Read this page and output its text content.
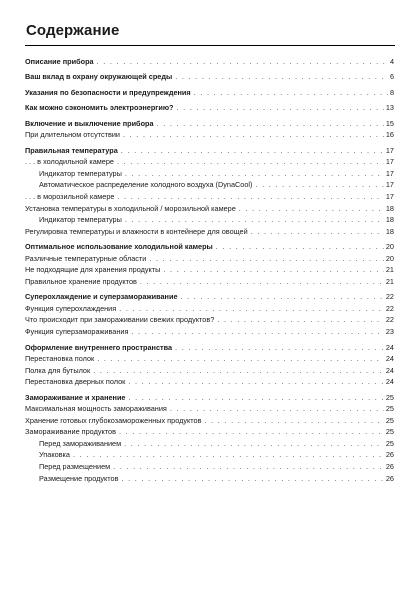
Содержание
Описание прибора . . .	4
Ваш вклад в охрану окружающей среды . . .	6
Указания по безопасности и предупреждения . . .	8
Как можно сэкономить электроэнергию? . . .	13
Включение и выключение прибора . . .	15
При длительном отсутствии . . .	16
Правильная температура . . .	17
. . . в холодильной камере . . .	17
Индикатор температуры . . .	17
Автоматическое распределение холодного воздуха (DynaCool) . . .	17
. . . в морозильной камере . . .	17
Установка температуры в холодильной / морозильной камере . . .	18
Индикатор температуры . . .	18
Регулировка температуры и влажности в контейнере для овощей . . .	18
Оптимальное использование холодильной камеры . . .	20
Различные температурные области . . .	20
Не подходящие для хранения продукты . . .	21
Правильное хранение продуктов . . .	21
Суперохлаждение и суперзамораживание . . .	22
Функция суперохлаждения . . .	22
Что происходит при замораживании свежих продуктов? . . .	22
Функция суперзамораживания . . .	23
Оформление внутреннего пространства . . .	24
Перестановка полок . . .	24
Полка для бутылок . . .	24
Перестановка дверных полок . . .	24
Замораживание и хранение . . .	25
Максимальная мощность замораживания . . .	25
Хранение готовых глубокозамороженных продуктов . . .	25
Замораживание продуктов . . .	25
Перед замораживанием . . .	25
Упаковка . . .	26
Перед размещением . . .	26
Размещение продуктов . . .	26
